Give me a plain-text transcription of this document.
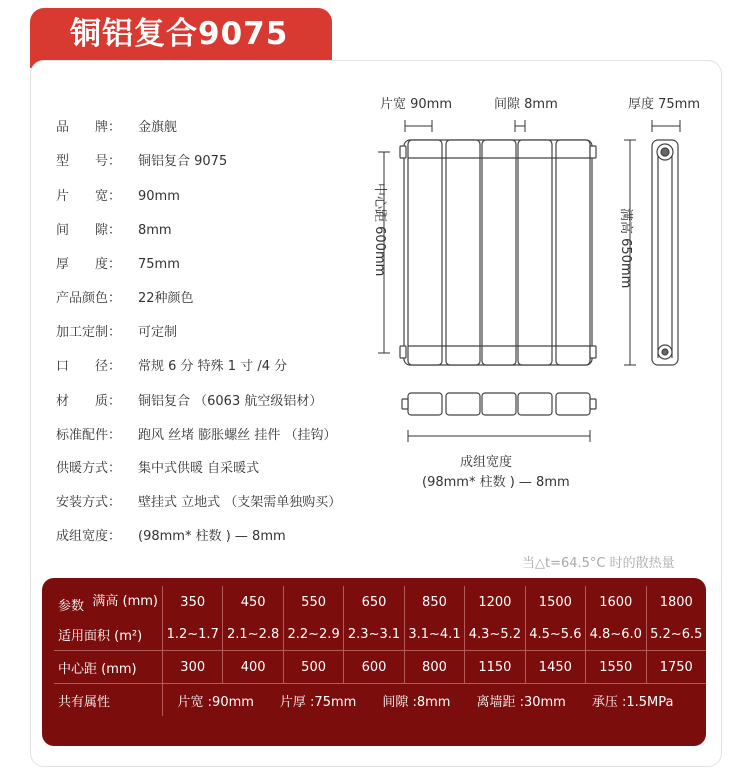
铜铝复合9075
品　　牌：	金旗舰
型　　号：	铜铝复合 9075
片　　宽：	90mm
间　　隙：	8mm
厚　　度：	75mm
产品颜色：	22种颜色
加工定制：	可定制
口　　径：	常规 6 分 特殊 1 寸 /4 分
材　　质：	铜铝复合 （6063 航空级铝材）
标准配件：	跑风 丝堵 膨胀螺丝 挂件 （挂钩）
供暖方式：	集中式供暖 自采暖式
安装方式：	壁挂式 立地式 （支架需单独购买）
成组宽度：	(98mm* 柱数 ) — 8mm
片宽 90mm	间隙 8mm	厚度 75mm
中心距 600mm	满高 650mm
成组宽度
(98mm* 柱数 ) — 8mm
当△t=64.5°C 时的散热量
满高 (mm)
参数	350	450	550	650	850	1200	1500	1600	1800
适用面积 (m²)	1.2~1.7	2.1~2.8	2.2~2.9	2.3~3.1	3.1~4.1	4.3~5.2	4.5~5.6	4.8~6.0	5.2~6.5
中心距 (mm)	300	400	500	600	800	1150	1450	1550	1750
共有属性	片宽 :90mm 片厚 :75mm 间隙 :8mm 离墙距 :30mm 承压 :1.5MPa								
